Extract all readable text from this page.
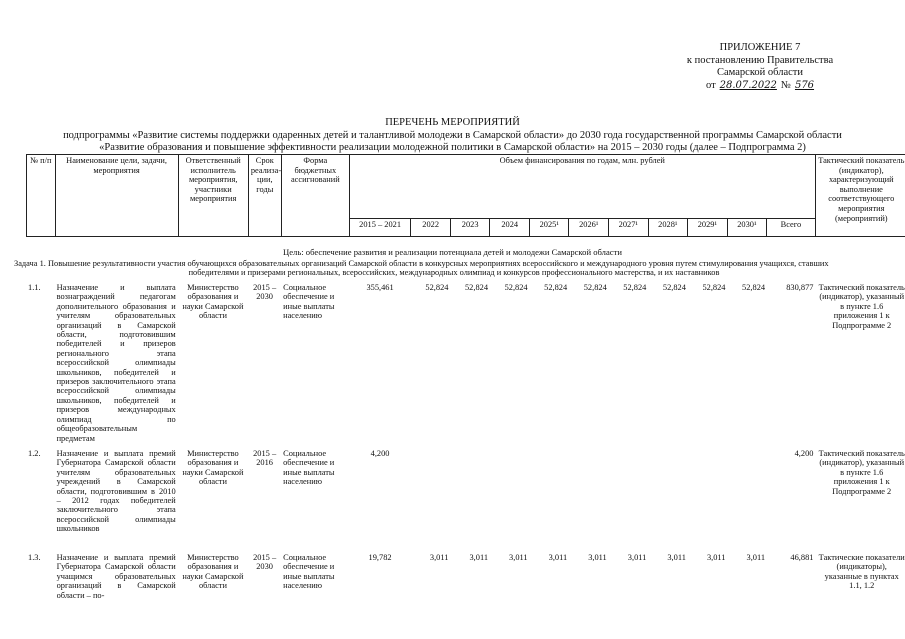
ПРИЛОЖЕНИЕ 7
к постановлению Правительства
Самарской области
от 28.07.2022 № 576
ПЕРЕЧЕНЬ МЕРОПРИЯТИЙ
подпрограммы «Развитие системы поддержки одаренных детей и талантливой молодежи в Самарской области» до 2030 года государственной программы Самарской области
«Развитие образования и повышение эффективности реализации молодежной политики в Самарской области» на 2015 – 2030 годы (далее – Подпрограмма 2)
№ п/п	Наименование цели, задачи, мероприятия	Ответственный исполнитель мероприятия, участники мероприятия	Срок реализа-ции, годы	Форма бюджетных ассигнований	Объем финансирования по годам, млн. рублей											Тактический показатель (индикатор), характеризующий выполнение соответствующего мероприятия (мероприятий)
					2015 – 2021	2022	2023	2024	2025¹	2026¹	2027¹	2028¹	2029¹	2030¹	Всего	
Цель: обеспечение развития и реализации потенциала детей и молодежи Самарской области
Задача 1. Повышение результативности участия обучающихся образовательных организаций Самарской области в конкурсных мероприятиях всероссийского и международного уровня путем стимулирования учащихся, ставших
победителями и призерами региональных, всероссийских, международных олимпиад и конкурсов профессионального мастерства, и их наставников
1.1.	Назначение и выплата вознаграждений педагогам дополнительного образования и учителям образовательных организаций в Самарской области, подготовившим победителей и призеров регионального этапа всероссийской олимпиады школьников, победителей и призеров заключительного этапа всероссийской олимпиады школьников, победителей и призеров международных олимпиад по общеобразовательным предметам	Министерство образования и науки Самарской области	2015 – 2030	Социальное обеспечение и иные выплаты населению	355,461	52,824	52,824	52,824	52,824	52,824	52,824	52,824	52,824	52,824	830,877	Тактический показатель (индикатор), указанный в пункте 1.6 приложения 1 к Подпрограмме 2
1.2.	Назначение и выплата премий Губернатора Самарской области учителям образовательных учреждений в Самарской области, подготовившим в 2010 – 2012 годах победителей заключительного этапа всероссийской олимпиады школьников	Министерство образования и науки Самарской области	2015 – 2016	Социальное обеспечение и иные выплаты населению	4,200										4,200	Тактический показатель (индикатор), указанный в пункте 1.6 приложения 1 к Подпрограмме 2
1.3.	Назначение и выплата премий Губернатора Самарской области учащимся образовательных организаций в Самарской области – по-	Министерство образования и науки Самарской области	2015 – 2030	Социальное обеспечение и иные выплаты населению	19,782	3,011	3,011	3,011	3,011	3,011	3,011	3,011	3,011	3,011	46,881	Тактические показатели (индикаторы), указанные в пунктах 1.1, 1.2
